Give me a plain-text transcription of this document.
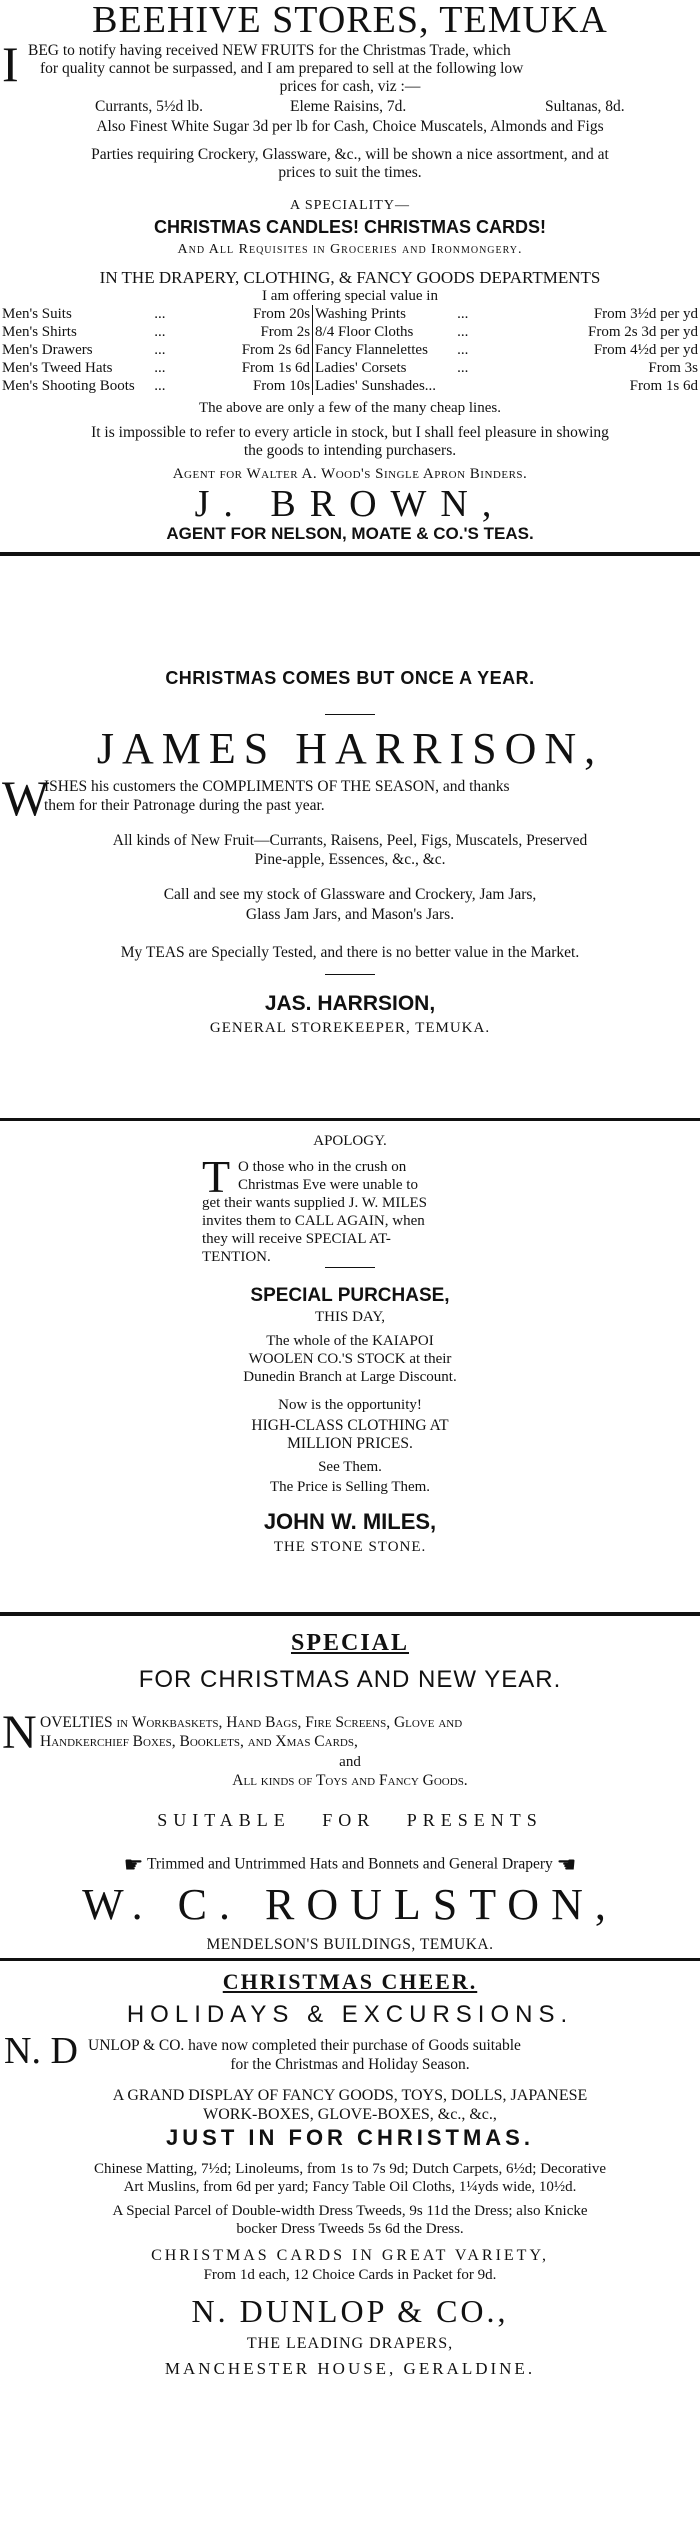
BEEHIVE STORES, TEMUKA
I BEG to notify having received NEW FRUITS for the Christmas Trade, which
for quality cannot be surpassed, and I am prepared to sell at the following low
prices for cash, viz :—
Currants, 5½d lb.	Eleme Raisins, 7d.	Sultanas, 8d.
Also Finest White Sugar 3d per lb for Cash, Choice Muscatels, Almonds and Figs
Parties requiring Crockery, Glassware, &c., will be shown a nice assortment, and at
prices to suit the times.
A SPECIALITY—
CHRISTMAS CANDLES! CHRISTMAS CARDS!
And All Requisites in Groceries and Ironmongery.
IN THE DRAPERY, CLOTHING, & FANCY GOODS DEPARTMENTS
I am offering special value in
Men's Suits	...	From 20s	Washing Prints	...	From 3½d per yd
Men's Shirts	...	From 2s	8/4 Floor Cloths	...	From 2s 3d per yd
Men's Drawers	...	From 2s 6d	Fancy Flannelettes	...	From 4½d per yd
Men's Tweed Hats	...	From 1s 6d	Ladies' Corsets	...	From 3s
Men's Shooting Boots	...	From 10s	Ladies' Sunshades...		From 1s 6d
The above are only a few of the many cheap lines.
It is impossible to refer to every article in stock, but I shall feel pleasure in showing
the goods to intending purchasers.
Agent for Walter A. Wood's Single Apron Binders.
J. BROWN,
AGENT FOR NELSON, MOATE & CO.'S TEAS.
CHRISTMAS COMES BUT ONCE A YEAR.
JAMES HARRISON,
W
ISHES his customers the COMPLIMENTS OF THE SEASON, and thanks
them for their Patronage during the past year.
All kinds of New Fruit—Currants, Raisens, Peel, Figs, Muscatels, Preserved
Pine-apple, Essences, &c., &c.
Call and see my stock of Glassware and Crockery, Jam Jars,
Glass Jam Jars, and Mason's Jars.
My TEAS are Specially Tested, and there is no better value in the Market.
JAS. HARRSION,
GENERAL STOREKEEPER, TEMUKA.
APOLOGY.
T O those who in the crush on
Christmas Eve were unable to
get their wants supplied J. W. MILES
invites them to CALL AGAIN, when
they will receive SPECIAL AT-
TENTION.
SPECIAL PURCHASE,
THIS DAY,
The whole of the KAIAPOI
WOOLEN CO.'S STOCK at their
Dunedin Branch at Large Discount.
Now is the opportunity!
HIGH-CLASS CLOTHING AT
MILLION PRICES.
See Them.
The Price is Selling Them.
JOHN W. MILES,
THE STONE STONE.
SPECIAL
FOR CHRISTMAS AND NEW YEAR.
N OVELTIES in Workbaskets, Hand Bags, Fire Screens, Glove and
Handkerchief Boxes, Booklets, and Xmas Cards,
and
All kinds of Toys and Fancy Goods.
SUITABLE   FOR   PRESENTS
☛ Trimmed and Untrimmed Hats and Bonnets and General Drapery ☚
W. C. ROULSTON,
MENDELSON'S BUILDINGS, TEMUKA.
CHRISTMAS CHEER.
HOLIDAYS & EXCURSIONS.
N. D UNLOP & CO. have now completed their purchase of Goods suitable
for the Christmas and Holiday Season.
A GRAND DISPLAY OF FANCY GOODS, TOYS, DOLLS, JAPANESE
WORK-BOXES, GLOVE-BOXES, &c., &c.,
JUST IN FOR CHRISTMAS.
Chinese Matting, 7½d; Linoleums, from 1s to 7s 9d; Dutch Carpets, 6½d; Decorative
Art Muslins, from 6d per yard; Fancy Table Oil Cloths, 1¼yds wide, 10½d.
A Special Parcel of Double-width Dress Tweeds, 9s 11d the Dress; also Knicke
bocker Dress Tweeds 5s 6d the Dress.
CHRISTMAS CARDS IN GREAT VARIETY,
From 1d each, 12 Choice Cards in Packet for 9d.
N. DUNLOP & CO.,
THE LEADING DRAPERS,
MANCHESTER HOUSE, GERALDINE.
